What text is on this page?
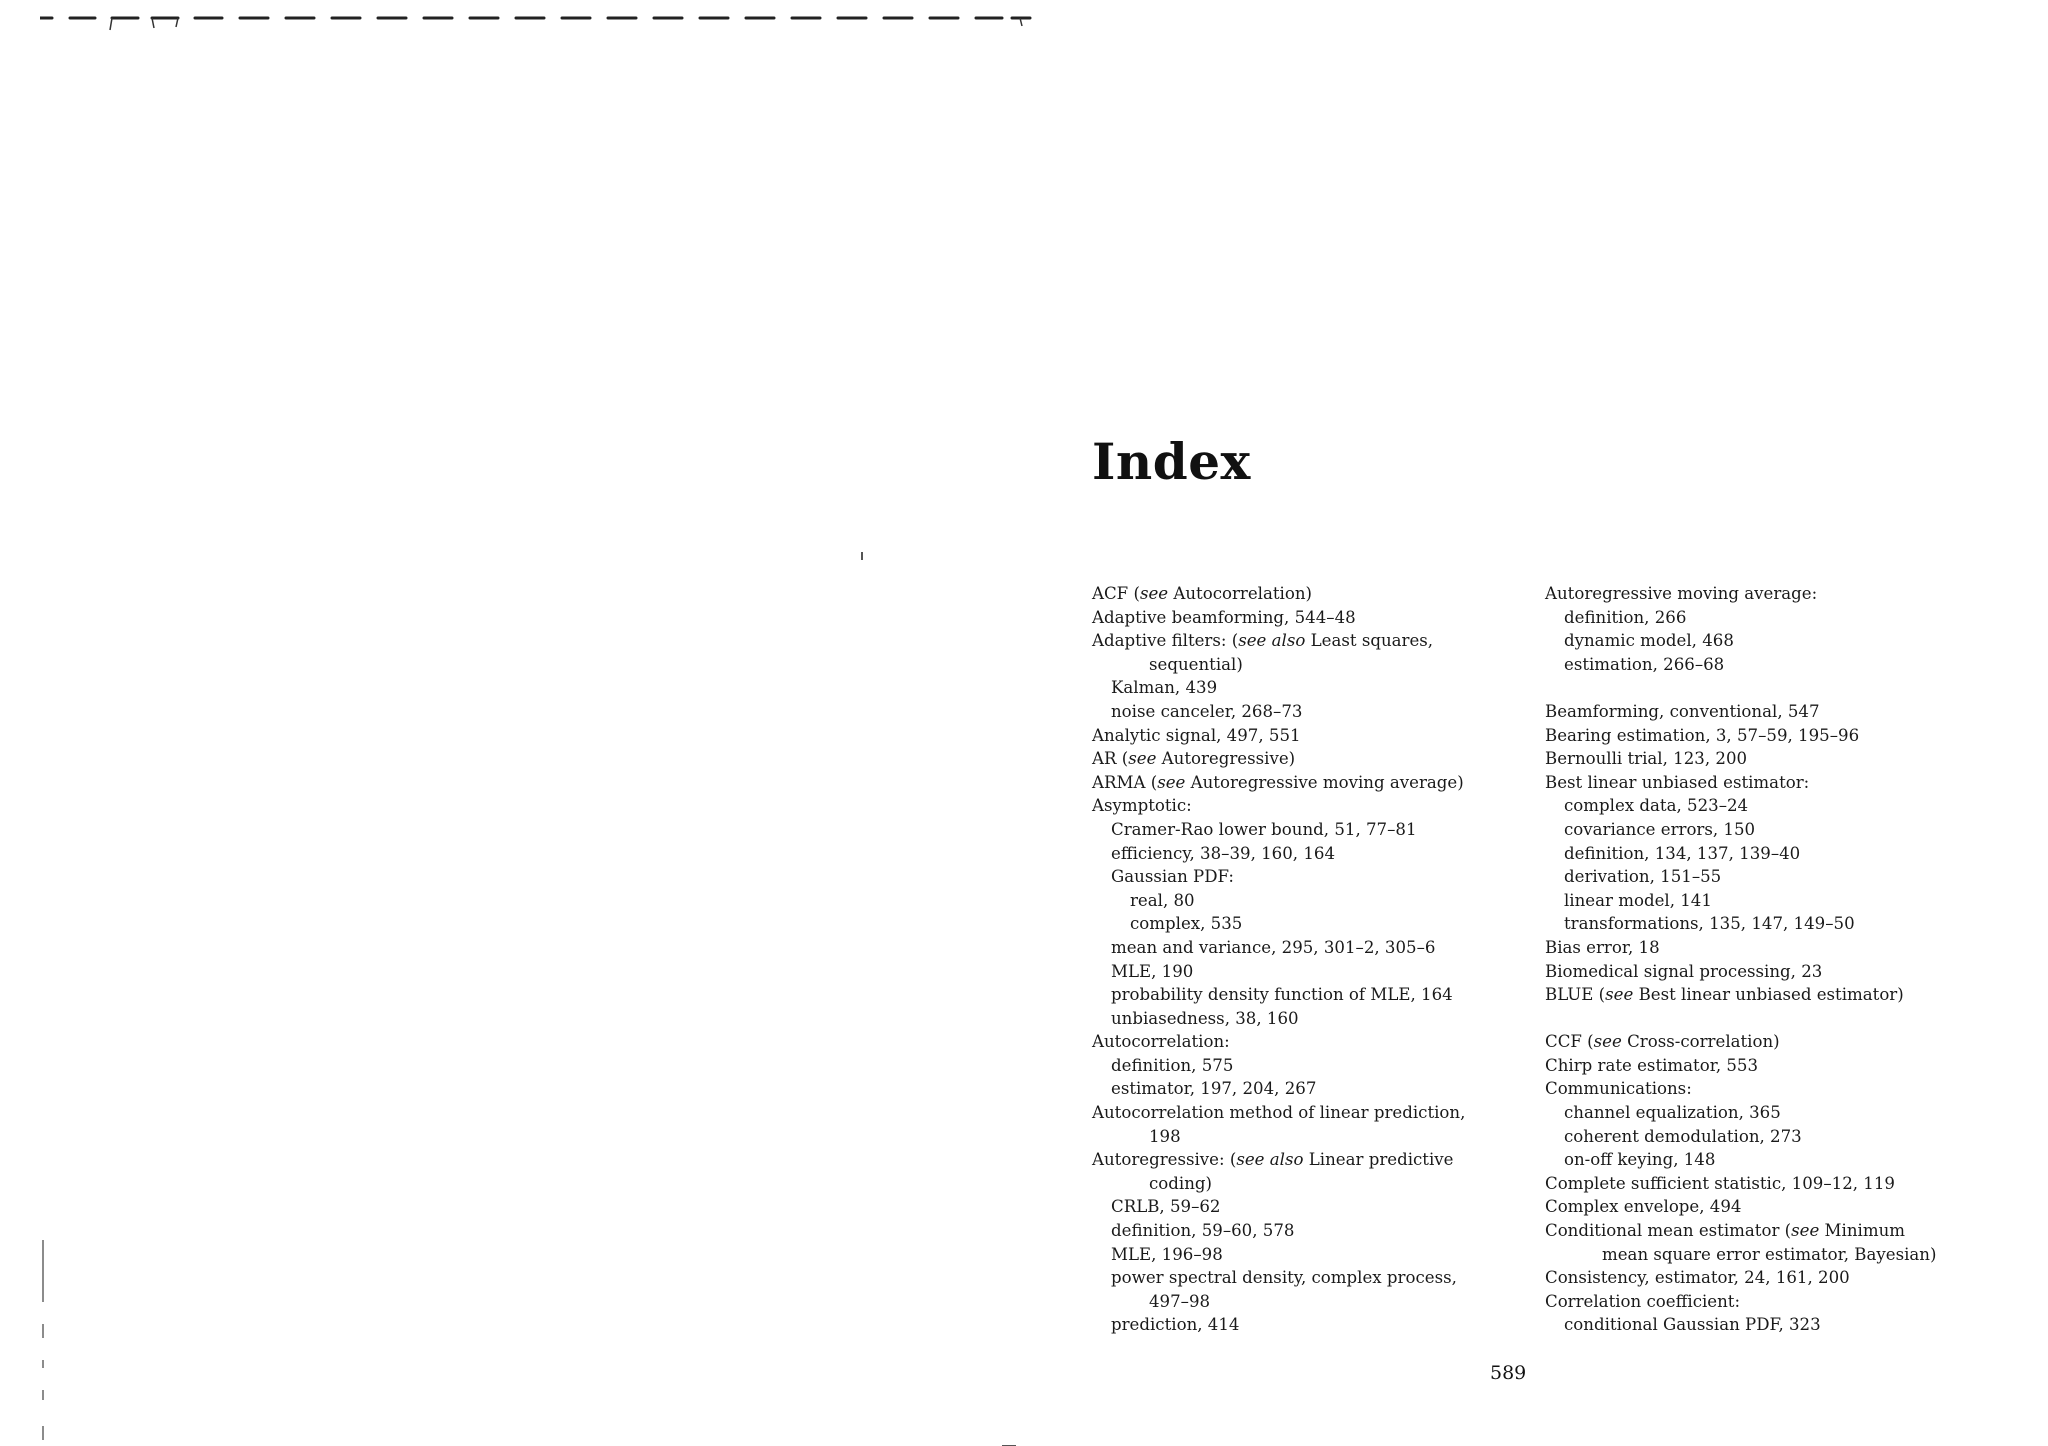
Index
ACF (see Autocorrelation)
Adaptive beamforming, 544–48
Adaptive filters: (see also Least squares,
sequential)
Kalman, 439
noise canceler, 268–73
Analytic signal, 497, 551
AR (see Autoregressive)
ARMA (see Autoregressive moving average)
Asymptotic:
Cramer-Rao lower bound, 51, 77–81
efficiency, 38–39, 160, 164
Gaussian PDF:
real, 80
complex, 535
mean and variance, 295, 301–2, 305–6
MLE, 190
probability density function of MLE, 164
unbiasedness, 38, 160
Autocorrelation:
definition, 575
estimator, 197, 204, 267
Autocorrelation method of linear prediction,
198
Autoregressive: (see also Linear predictive
coding)
CRLB, 59–62
definition, 59–60, 578
MLE, 196–98
power spectral density, complex process,
497–98
prediction, 414
Autoregressive moving average:
definition, 266
dynamic model, 468
estimation, 266–68
Beamforming, conventional, 547
Bearing estimation, 3, 57–59, 195–96
Bernoulli trial, 123, 200
Best linear unbiased estimator:
complex data, 523–24
covariance errors, 150
definition, 134, 137, 139–40
derivation, 151–55
linear model, 141
transformations, 135, 147, 149–50
Bias error, 18
Biomedical signal processing, 23
BLUE (see Best linear unbiased estimator)
CCF (see Cross-correlation)
Chirp rate estimator, 553
Communications:
channel equalization, 365
coherent demodulation, 273
on-off keying, 148
Complete sufficient statistic, 109–12, 119
Complex envelope, 494
Conditional mean estimator (see Minimum
mean square error estimator, Bayesian)
Consistency, estimator, 24, 161, 200
Correlation coefficient:
conditional Gaussian PDF, 323
589
